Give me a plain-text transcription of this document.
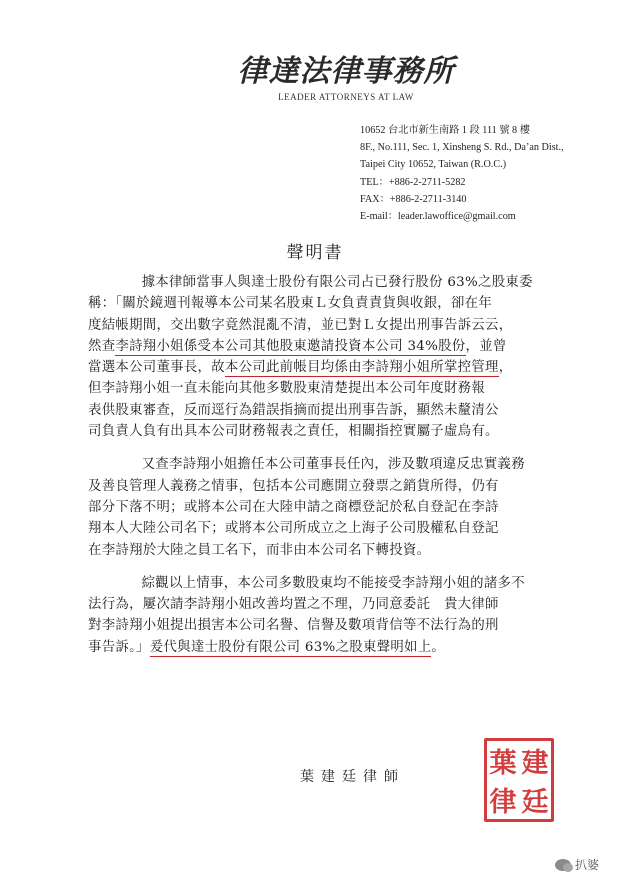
律達法律事務所
LEADER ATTORNEYS AT LAW
10652 台北市新生南路 1 段 111 號 8 樓
8F., No.111, Sec. 1, Xinsheng S. Rd., Da’an Dist.,
Taipei City 10652, Taiwan (R.O.C.)
TEL：+886-2-2711-5282
FAX：+886-2-2711-3140
E-mail：leader.lawoffice@gmail.com
聲明書
據本律師當事人與達士股份有限公司占已發行股份 63%之股東委
稱：「關於鏡週刊報導本公司某名股東Ｌ女負責責貨與收銀，卻在年
度結帳期間，交出數字竟然混亂不清，並已對Ｌ女提出刑事告訴云云，
然查李詩翔小姐係受本公司其他股東邀請投資本公司 34%股份，並曾
當選本公司董事長，故本公司此前帳目均係由李詩翔小姐所掌控管理，
但李詩翔小姐一直未能向其他多數股東清楚提出本公司年度財務報
表供股東審查，反而逕行為錯誤指摘而提出刑事告訴，顯然未釐清公
司負責人負有出具本公司財務報表之責任，相關指控實屬子虛烏有。
又查李詩翔小姐擔任本公司董事長任內，涉及數項違反忠實義務
及善良管理人義務之情事，包括本公司應開立發票之銷貨所得，仍有
部分下落不明；或將本公司在大陸申請之商標登記於私自登記在李詩
翔本人大陸公司名下；或將本公司所成立之上海子公司股權私自登記
在李詩翔於大陸之員工名下，而非由本公司名下轉投資。
綜觀以上情事，本公司多數股東均不能接受李詩翔小姐的諸多不
法行為，屢次請李詩翔小姐改善均置之不理，乃同意委託　貴大律師
對李詩翔小姐提出損害本公司名譽、信譽及數項背信等不法行為的刑
事告訴。」爰代與達士股份有限公司 63%之股東聲明如上。
葉建廷律師	葉 建
律 廷
扒婆
